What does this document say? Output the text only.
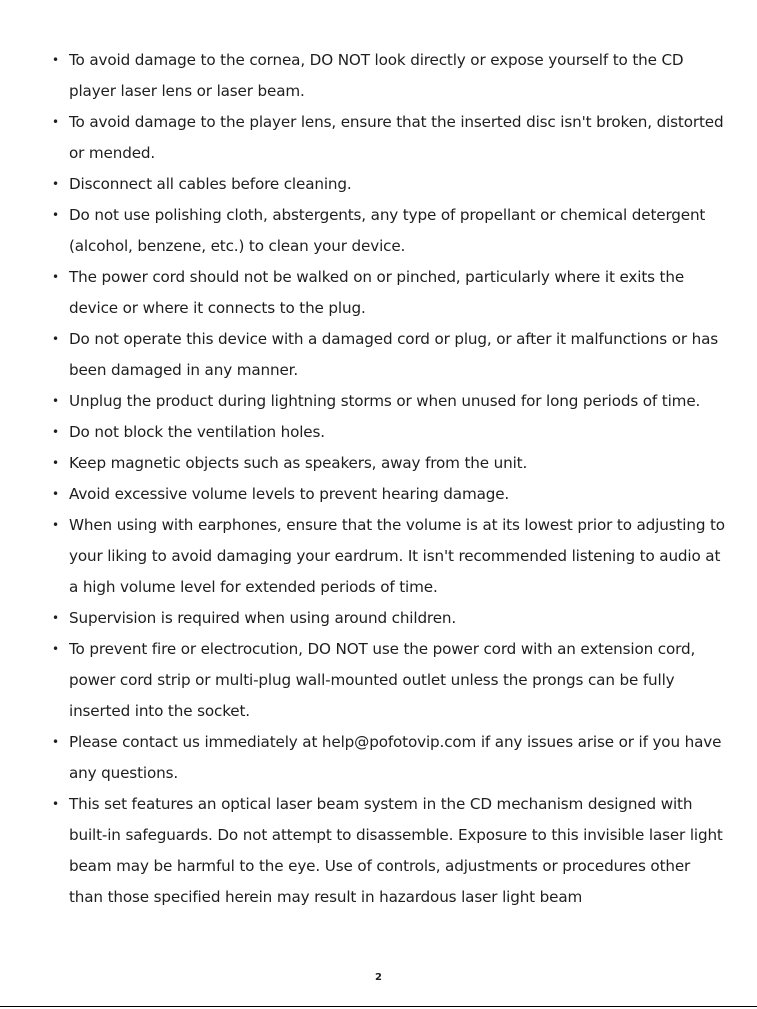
• To avoid damage to the cornea, DO NOT look directly or expose yourself to the CD player laser lens or laser beam.
• To avoid damage to the player lens, ensure that the inserted disc isn't broken, distorted or mended.
• Disconnect all cables before cleaning.
• Do not use polishing cloth, abstergents, any type of propellant or chemical detergent (alcohol, benzene, etc.) to clean your device.
• The power cord should not be walked on or pinched, particularly where it exits the device or where it connects to the plug.
• Do not operate this device with a damaged cord or plug, or after it malfunctions or has been damaged in any manner.
• Unplug the product during lightning storms or when unused for long periods of time.
• Do not block the ventilation holes.
• Keep magnetic objects such as speakers, away from the unit.
• Avoid excessive volume levels to prevent hearing damage.
• When using with earphones, ensure that the volume is at its lowest prior to adjusting to your liking to avoid damaging your eardrum. It isn't recommended listening to audio at a high volume level for extended periods of time.
• Supervision is required when using around children.
• To prevent fire or electrocution, DO NOT use the power cord with an extension cord, power cord strip or multi-plug wall-mounted outlet unless the prongs can be fully inserted into the socket.
• Please contact us immediately at help@pofotovip.com if any issues arise or if you have any questions.
• This set features an optical laser beam system in the CD mechanism designed with built-in safeguards. Do not attempt to disassemble. Exposure to this invisible laser light beam may be harmful to the eye. Use of controls, adjustments or procedures other than those specified herein may result in hazardous laser light beam
2
